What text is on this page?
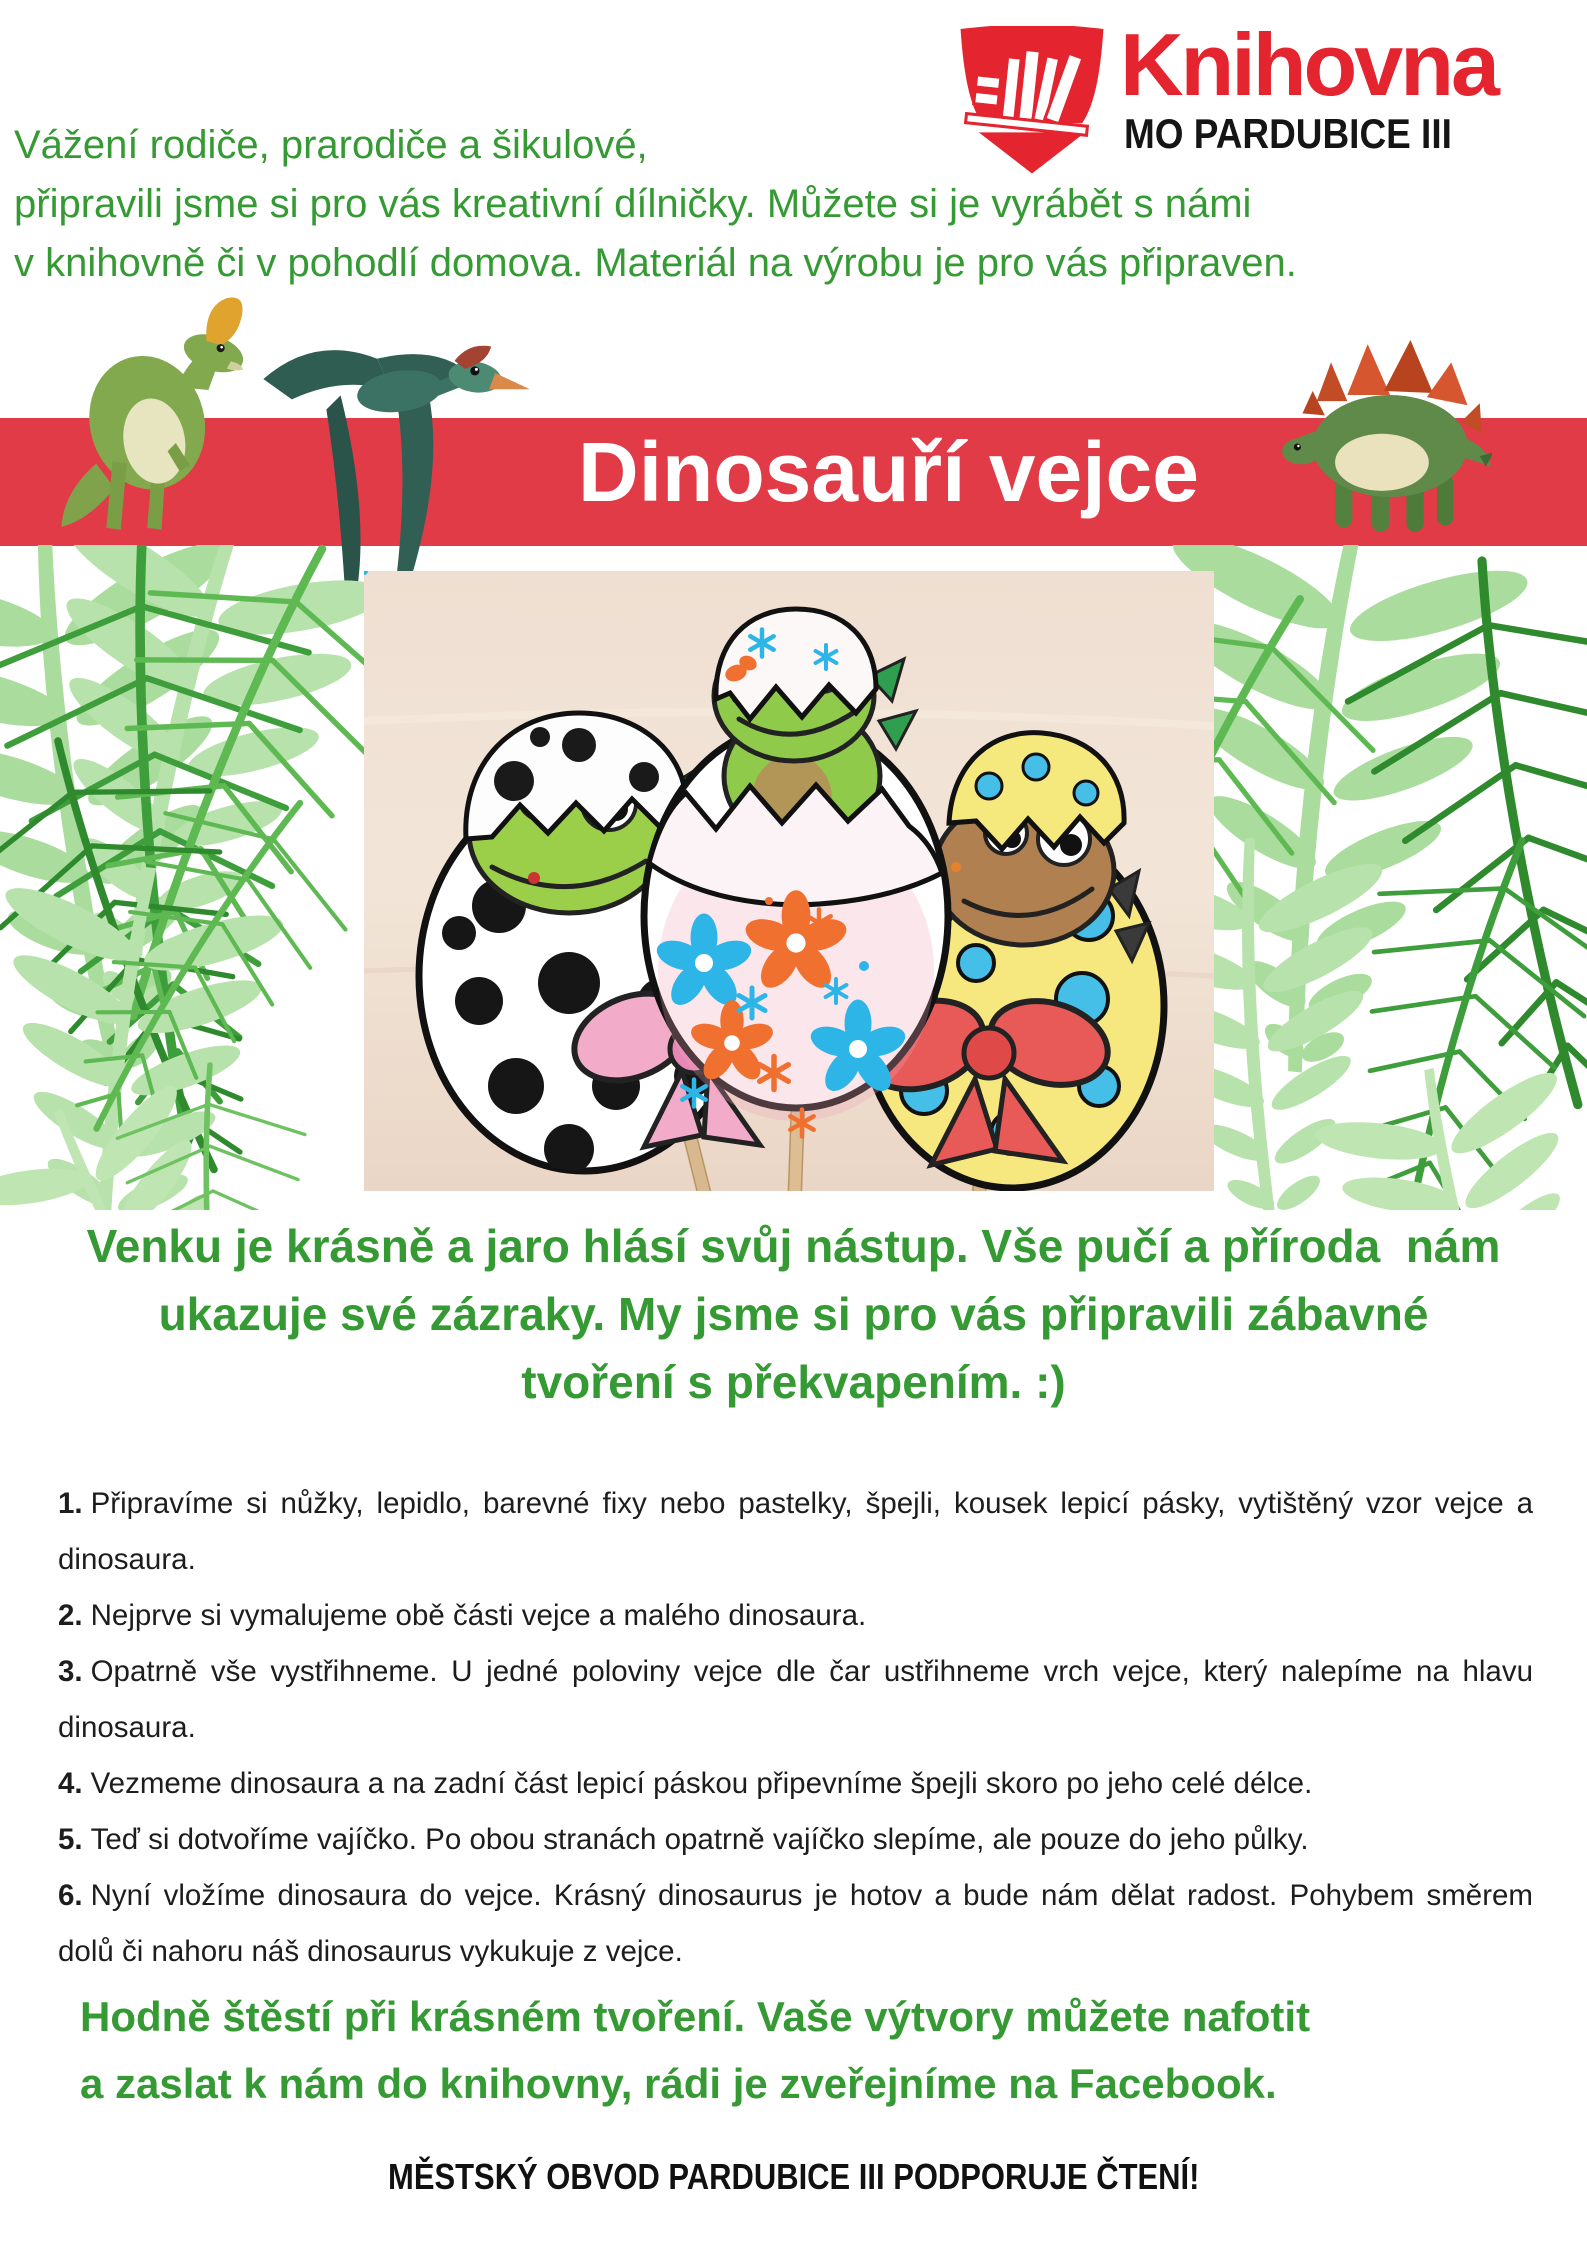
Knihovna
MO PARDUBICE III
Vážení rodiče, prarodiče a šikulové,
připravili jsme si pro vás kreativní dílničky. Můžete si je vyrábět s námi
v knihovně či v pohodlí domova. Materiál na výrobu je pro vás připraven.
Dinosauří vejce
Venku je krásně a jaro hlásí svůj nástup. Vše pučí a příroda  nám
ukazuje své zázraky. My jsme si pro vás připravili zábavné
tvoření s překvapením. :)
1. Připravíme si nůžky, lepidlo, barevné fixy nebo pastelky, špejli, kousek lepicí pásky, vytištěný vzor vejce a dinosaura.
2. Nejprve si vymalujeme obě části vejce a malého dinosaura.
3. Opatrně vše vystřihneme. U jedné poloviny vejce dle čar ustřihneme vrch vejce, který nalepíme na hlavu dinosaura.
4. Vezmeme dinosaura a na zadní část lepicí páskou připevníme špejli skoro po jeho celé délce.
5. Teď si dotvoříme vajíčko. Po obou stranách opatrně vajíčko slepíme, ale pouze do jeho půlky.
6. Nyní vložíme dinosaura do vejce. Krásný dinosaurus je hotov a bude nám dělat radost. Pohybem směrem dolů či nahoru náš dinosaurus vykukuje z vejce.
Hodně štěstí při krásném tvoření. Vaše výtvory můžete nafotit
a zaslat k nám do knihovny, rádi je zveřejníme na Facebook.
MĚSTSKÝ OBVOD PARDUBICE III PODPORUJE ČTENÍ!
